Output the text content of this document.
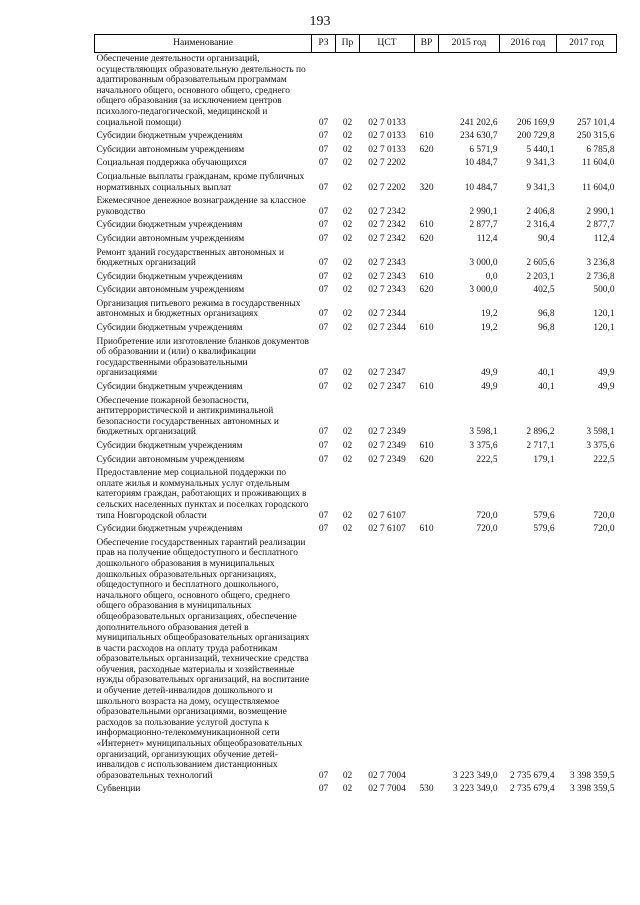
193
Наименование	РЗ	Пр	ЦСТ	ВР	2015 год	2016 год	2017 год
Обеспечение деятельности организаций, осуществляющих образовательную деятельность по адаптированным образовательным программам начального общего, основного общего, среднего общего образования (за исключением центров психолого-педагогической, медицинской и социальной помощи)	07	02	02 7 0133		241 202,6	206 169,9	257 101,4
Субсидии бюджетным учреждениям	07	02	02 7 0133	610	234 630,7	200 729,8	250 315,6
Субсидии автономным учреждениям	07	02	02 7 0133	620	6 571,9	5 440,1	6 785,8
Социальная поддержка обучающихся	07	02	02 7 2202		10 484,7	9 341,3	11 604,0
Социальные выплаты гражданам, кроме публичных нормативных социальных выплат	07	02	02 7 2202	320	10 484,7	9 341,3	11 604,0
Ежемесячное денежное вознаграждение за классное руководство	07	02	02 7 2342		2 990,1	2 406,8	2 990,1
Субсидии бюджетным учреждениям	07	02	02 7 2342	610	2 877,7	2 316,4	2 877,7
Субсидии автономным учреждениям	07	02	02 7 2342	620	112,4	90,4	112,4
Ремонт зданий государственных автономных и бюджетных организаций	07	02	02 7 2343		3 000,0	2 605,6	3 236,8
Субсидии бюджетным учреждениям	07	02	02 7 2343	610	0,0	2 203,1	2 736,8
Субсидии автономным учреждениям	07	02	02 7 2343	620	3 000,0	402,5	500,0
Организация питьевого режима в государственных автономных и бюджетных организациях	07	02	02 7 2344		19,2	96,8	120,1
Субсидии бюджетным учреждениям	07	02	02 7 2344	610	19,2	96,8	120,1
Приобретение или изготовление бланков документов об образовании и (или) о квалификации государственными образовательными организациями	07	02	02 7 2347		49,9	40,1	49,9
Субсидии бюджетным учреждениям	07	02	02 7 2347	610	49,9	40,1	49,9
Обеспечение пожарной безопасности, антитеррористической и антикриминальной безопасности государственных автономных и бюджетных организаций	07	02	02 7 2349		3 598,1	2 896,2	3 598,1
Субсидии бюджетным учреждениям	07	02	02 7 2349	610	3 375,6	2 717,1	3 375,6
Субсидии автономным учреждениям	07	02	02 7 2349	620	222,5	179,1	222,5
Предоставление мер социальной поддержки по оплате жилья и коммунальных услуг отдельным категориям граждан, работающих и проживающих в сельских населенных пунктах и поселках городского типа Новгородской области	07	02	02 7 6107		720,0	579,6	720,0
Субсидии бюджетным учреждениям	07	02	02 7 6107	610	720,0	579,6	720,0
Обеспечение государственных гарантий реализации прав на получение общедоступного и бесплатного дошкольного образования в муниципальных дошкольных образовательных организациях, общедоступного и бесплатного дошкольного, начального общего, основного общего, среднего общего образования в муниципальных общеобразовательных организациях, обеспечение дополнительного образования детей в муниципальных общеобразовательных организациях в части расходов на оплату труда работникам образовательных организаций, технические средства обучения, расходные материалы и хозяйственные нужды образовательных организаций, на воспитание и обучение детей-инвалидов дошкольного и школьного возраста на дому, осуществляемое образовательными организациями, возмещение расходов за пользование услугой доступа к информационно-телекоммуникационной сети «Интернет» муниципальных общеобразовательных организаций, организующих обучение детей-инвалидов с использованием дистанционных образовательных технологий	07	02	02 7 7004		3 223 349,0	2 735 679,4	3 398 359,5
Субвенции	07	02	02 7 7004	530	3 223 349,0	2 735 679,4	3 398 359,5
